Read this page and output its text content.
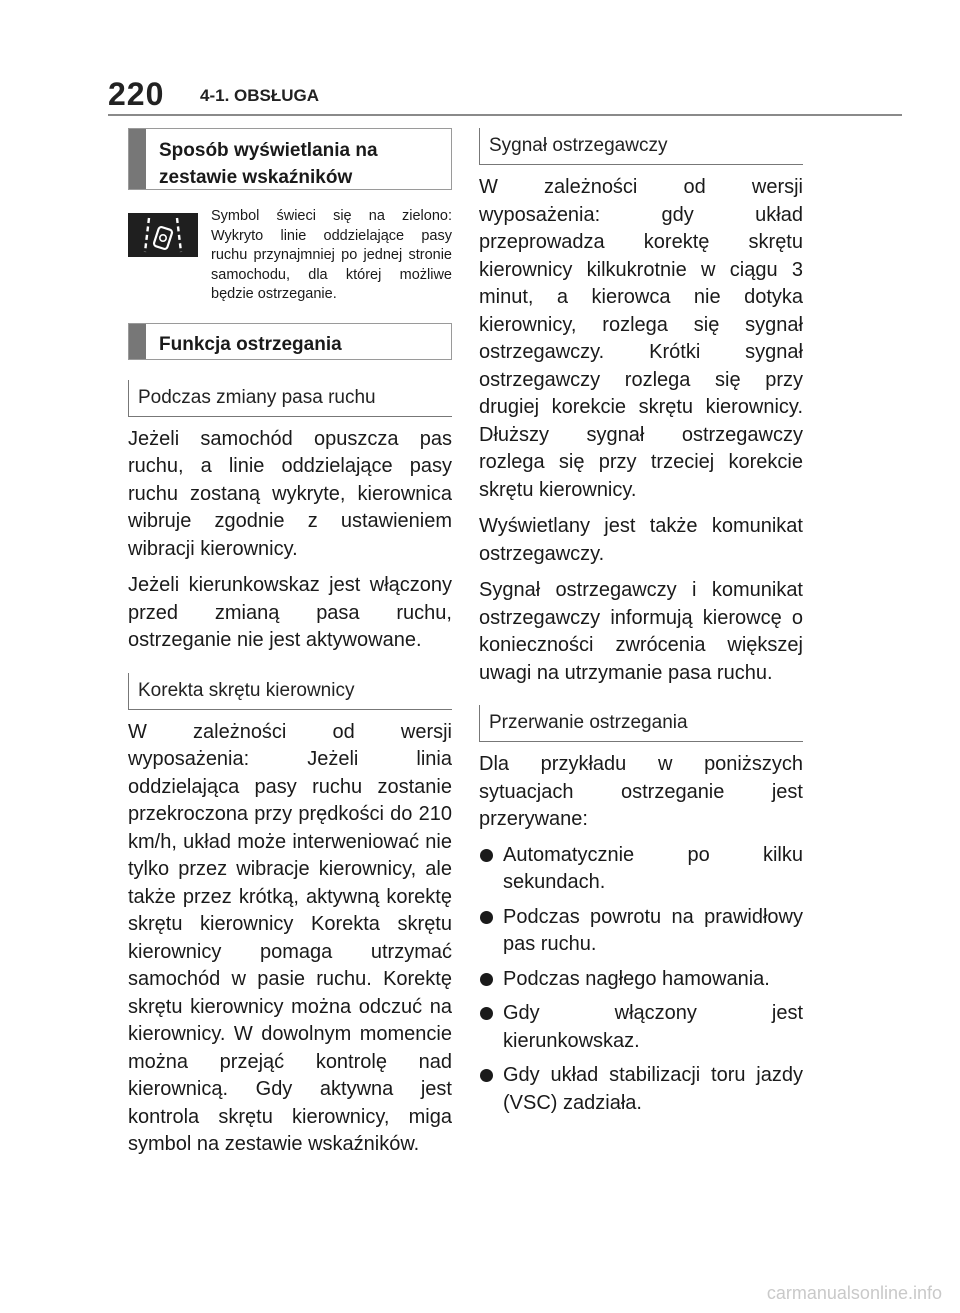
220 4-1. OBSŁUGA
Sposób wyświetlania na zestawie wskaźników
Symbol świeci się na zielono: Wykryto linie oddzielające pasy ruchu przynajmniej po jednej stronie samochodu, dla której możliwe będzie ostrzeganie.
Funkcja ostrzegania
Podczas zmiany pasa ruchu

Jeżeli samochód opuszcza pas ruchu, a linie oddzielające pasy ruchu zostaną wykryte, kierownica wibruje zgodnie z ustawieniem wibracji kierownicy.

Jeżeli kierunkowskaz jest włączony przed zmianą pasa ruchu, ostrzeganie nie jest aktywowane.

Korekta skrętu kierownicy

W zależności od wersji wyposażenia: Jeżeli linia oddzielająca pasy ruchu zostanie przekroczona przy prędkości do 210 km/h, układ może interweniować nie tylko przez wibracje kierownicy, ale także przez krótką, aktywną korektę skrętu kierownicy Korekta skrętu kierownicy pomaga utrzymać samochód w pasie ruchu. Korektę skrętu kierownicy można odczuć na kierownicy. W dowolnym momencie można przejąć kontrolę nad kierownicą. Gdy aktywna jest kontrola skrętu kierownicy, miga symbol na zestawie wskaźników.

Sygnał ostrzegawczy

W zależności od wersji wyposażenia: gdy układ przeprowadza korektę skrętu kierownicy kilkukrotnie w ciągu 3 minut, a kierowca nie dotyka kierownicy, rozlega się sygnał ostrzegawczy. Krótki sygnał ostrzegawczy rozlega się przy drugiej korekcie skrętu kierownicy. Dłuższy sygnał ostrzegawczy rozlega się przy trzeciej korekcie skrętu kierownicy.

Wyświetlany jest także komunikat ostrzegawczy.

Sygnał ostrzegawczy i komunikat ostrzegawczy informują kierowcę o konieczności zwrócenia większej uwagi na utrzymanie pasa ruchu.

Przerwanie ostrzegania

Dla przykładu w poniższych sytuacjach ostrzeganie jest przerywane:

Automatycznie po kilku sekundach.
Podczas powrotu na prawidłowy pas ruchu.
Podczas nagłego hamowania.
Gdy włączony jest kierunkowskaz.
Gdy układ stabilizacji toru jazdy (VSC) zadziała.
carmanualsonline.info
